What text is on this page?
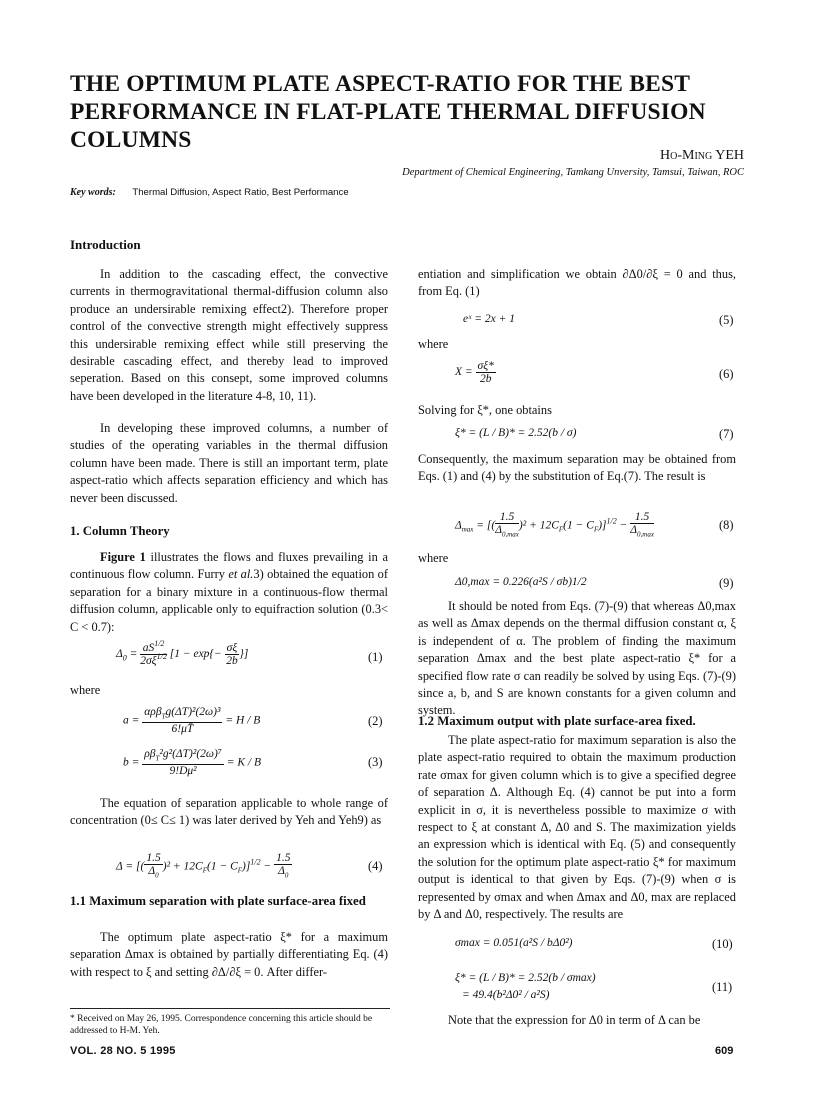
THE OPTIMUM PLATE ASPECT-RATIO FOR THE BEST
PERFORMANCE IN FLAT-PLATE THERMAL DIFFUSION
COLUMNS
Ho-Ming YEH
Department of Chemical Engineering, Tamkang Unversity, Tamsui, Taiwan, ROC
Key words: Thermal Diffusion, Aspect Ratio, Best Performance
Introduction

In addition to the cascading effect, the convective currents in thermogravitational thermal-diffusion column also produce an undersirable remixing effect2). Therefore proper control of the convective strength might effectively suppress this undersirable remixing effect while still preserving the desirable cascading effect, and thereby lead to improved seperation. Based on this consept, some improved columns have been developed in the literature 4-8, 10, 11).

In developing these improved columns, a number of studies of the operating variables in the thermal diffusion column have been made. There is still an important term, plate aspect-ratio which affects separation efficiency and which has never been discussed.

1. Column Theory

Figure 1 illustrates the flows and fluxes prevailing in a continuous flow column. Furry et al.3) obtained the equation of separation for a binary mixture in a continuous-flow thermal diffusion column, applicable only to equifraction solution (0.3< C < 0.7):

$\Delta_0 = \frac{aS^{1/2}}{2\sigma\xi^{1/2}} [1 - \exp\{- \frac{\sigma\xi}{2b}$ }]	(1)
where
$a = \frac{\alpha\rho\beta_Tg(\Delta T)^2(2\omega)^3}{6!\mu T̄} = H / B$	(2)
$b = \frac{\rho\beta_T^2g^2(\Delta T)^2(2\omega)^7}{\text{9!Dμ²}} = K / B$	(3)

The equation of separation applicable to whole range of concentration (0≤ C≤ 1) was later derived by Yeh and Yeh9) as

Δ = [( $\frac{1.5}{\Delta_0} )^2 + 12C_F(1 - C_F)]^{1/2} - \frac{1.5}{\Delta_0}$	(4)
1.1 Maximum separation with plate surface-area fixed

The optimum plate aspect-ratio ξ* for a maximum separation Δmax is obtained by partially differentiating Eq. (4) with respect to ξ and setting ∂Δ/∂ξ = 0. After differ-

* Received on May 26, 1995. Correspondence concerning this article should be addressed to H-M. Yeh.

entiation and simplification we obtain ∂Δ0/∂ξ = 0 and thus, from Eq. (1)

eˣ = 2x + 1	(5)
where
$X = \frac{\sigma\xi*}{2b}$	(6)
Solving for ξ*, one obtains
ξ* = (L / B)* = 2.52(b / σ)	(7)

Consequently, the maximum separation may be obtained from Eqs. (1) and (4) by the substitution of Eq.(7). The result is

$\Delta_{max}$ = [( $\frac{1.5}{\Delta_{0,max}} )^2 + 12C_F(1 - C_F)]^{1/2} - \frac{1.5}{\Delta_{0,max}}$	(8)
where
Δ0,max = 0.226(a²S / σb)1/2	(9)

It should be noted from Eqs. (7)-(9) that whereas Δ0,max as well as Δmax depends on the thermal diffusion constant α, ξ is independent of α. The problem of finding the maximum separation Δmax and the best plate aspect-ratio ξ* for a specified flow rate σ can readily be solved by using Eqs. (7)-(9) since a, b, and S are known constants for a given column and system.

1.2 Maximum output with plate surface-area fixed.

The plate aspect-ratio for maximum separation is also the plate aspect-ratio required to obtain the maximum production rate σmax for given column which is to give a specified degree of separation Δ. Although Eq. (4) cannot be put into a form explicit in σ, it is nevertheless possible to maximize σ with respect to ξ at constant Δ, Δ0 and S. The maximization yields an expression which is identical with Eq. (5) and consequently the solution for the optimum plate aspect-ratio ξ* for maximum output is identical to that given by Eqs. (7)-(9) when σ is represented by σmax and when Δmax and Δ0, max are replaced by Δ and Δ0, respectively. The results are

σmax = 0.051(a²S / bΔ0²)	(10)
ξ* = (L / B)* = 2.52(b / σmax)
= 49.4(b²Δ0² / a²S)
(11)

Note that the expression for Δ0 in term of Δ can be

VOL. 28 NO. 5 1995	609
